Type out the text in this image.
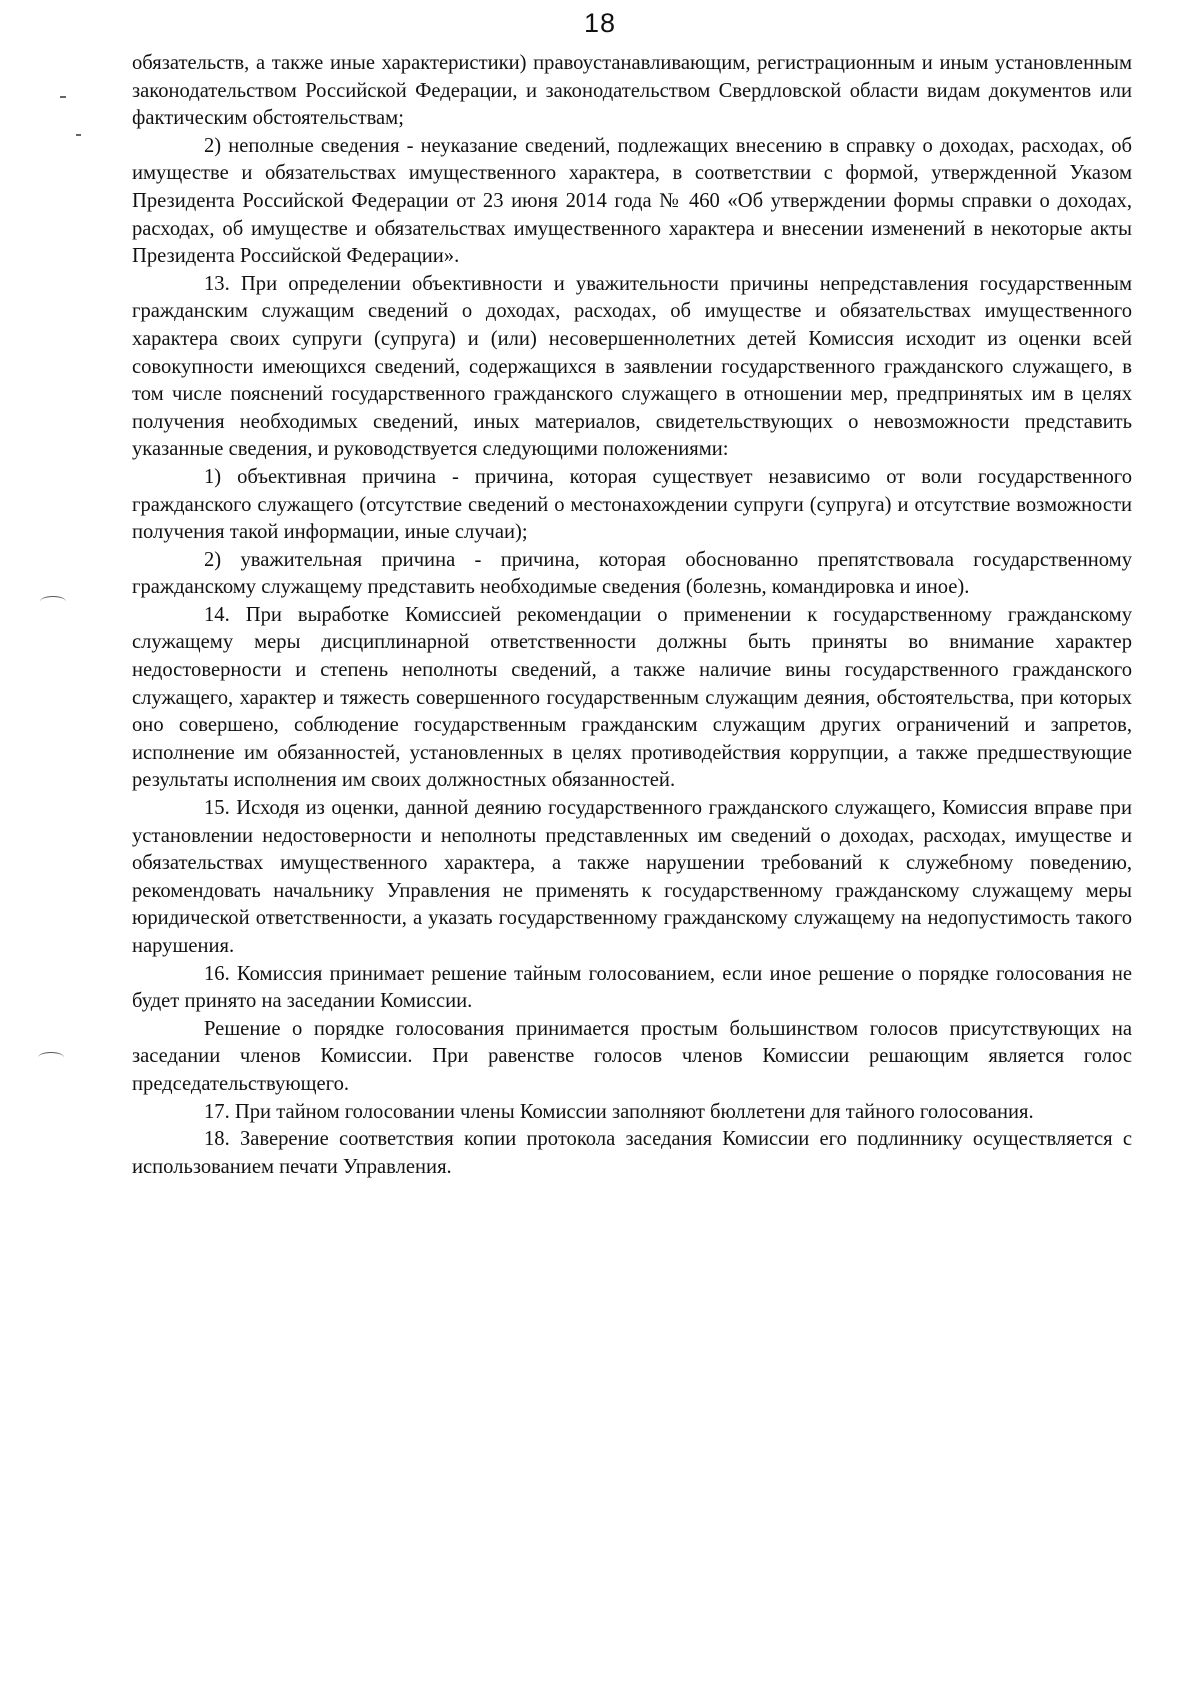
18

обязательств, а также иные характеристики) правоустанавливающим, регистрационным и иным установленным законодательством Российской Федерации, и законодательством Свердловской области видам документов или фактическим обстоятельствам;

2) неполные сведения - неуказание сведений, подлежащих внесению в справку о доходах, расходах, об имуществе и обязательствах имущественного характера, в соответствии с формой, утвержденной Указом Президента Российской Федерации от 23 июня 2014 года № 460 «Об утверждении формы справки о доходах, расходах, об имуществе и обязательствах имущественного характера и внесении изменений в некоторые акты Президента Российской Федерации».

13. При определении объективности и уважительности причины непредставления государственным гражданским служащим сведений о доходах, расходах, об имуществе и обязательствах имущественного характера своих супруги (супруга) и (или) несовершеннолетних детей Комиссия исходит из оценки всей совокупности имеющихся сведений, содержащихся в заявлении государственного гражданского служащего, в том числе пояснений государственного гражданского служащего в отношении мер, предпринятых им в целях получения необходимых сведений, иных материалов, свидетельствующих о невозможности представить указанные сведения, и руководствуется следующими положениями:

1) объективная причина - причина, которая существует независимо от воли государственного гражданского служащего (отсутствие сведений о местонахождении супруги (супруга) и отсутствие возможности получения такой информации, иные случаи);

2) уважительная причина - причина, которая обоснованно препятствовала государственному гражданскому служащему представить необходимые сведения (болезнь, командировка и иное).

14. При выработке Комиссией рекомендации о применении к государственному гражданскому служащему меры дисциплинарной ответственности должны быть приняты во внимание характер недостоверности и степень неполноты сведений, а также наличие вины государственного гражданского служащего, характер и тяжесть совершенного государственным служащим деяния, обстоятельства, при которых оно совершено, соблюдение государственным гражданским служащим других ограничений и запретов, исполнение им обязанностей, установленных в целях противодействия коррупции, а также предшествующие результаты исполнения им своих должностных обязанностей.

15. Исходя из оценки, данной деянию государственного гражданского служащего, Комиссия вправе при установлении недостоверности и неполноты представленных им сведений о доходах, расходах, имуществе и обязательствах имущественного характера, а также нарушении требований к служебному поведению, рекомендовать начальнику Управления не применять к государственному гражданскому служащему меры юридической ответственности, а указать государственному гражданскому служащему на недопустимость такого нарушения.

16. Комиссия принимает решение тайным голосованием, если иное решение о порядке голосования не будет принято на заседании Комиссии.

Решение о порядке голосования принимается простым большинством голосов присутствующих на заседании членов Комиссии. При равенстве голосов членов Комиссии решающим является голос председательствующего.

17. При тайном голосовании члены Комиссии заполняют бюллетени для тайного голосования.

18. Заверение соответствия копии протокола заседания Комиссии его подлиннику осуществляется с использованием печати Управления.
